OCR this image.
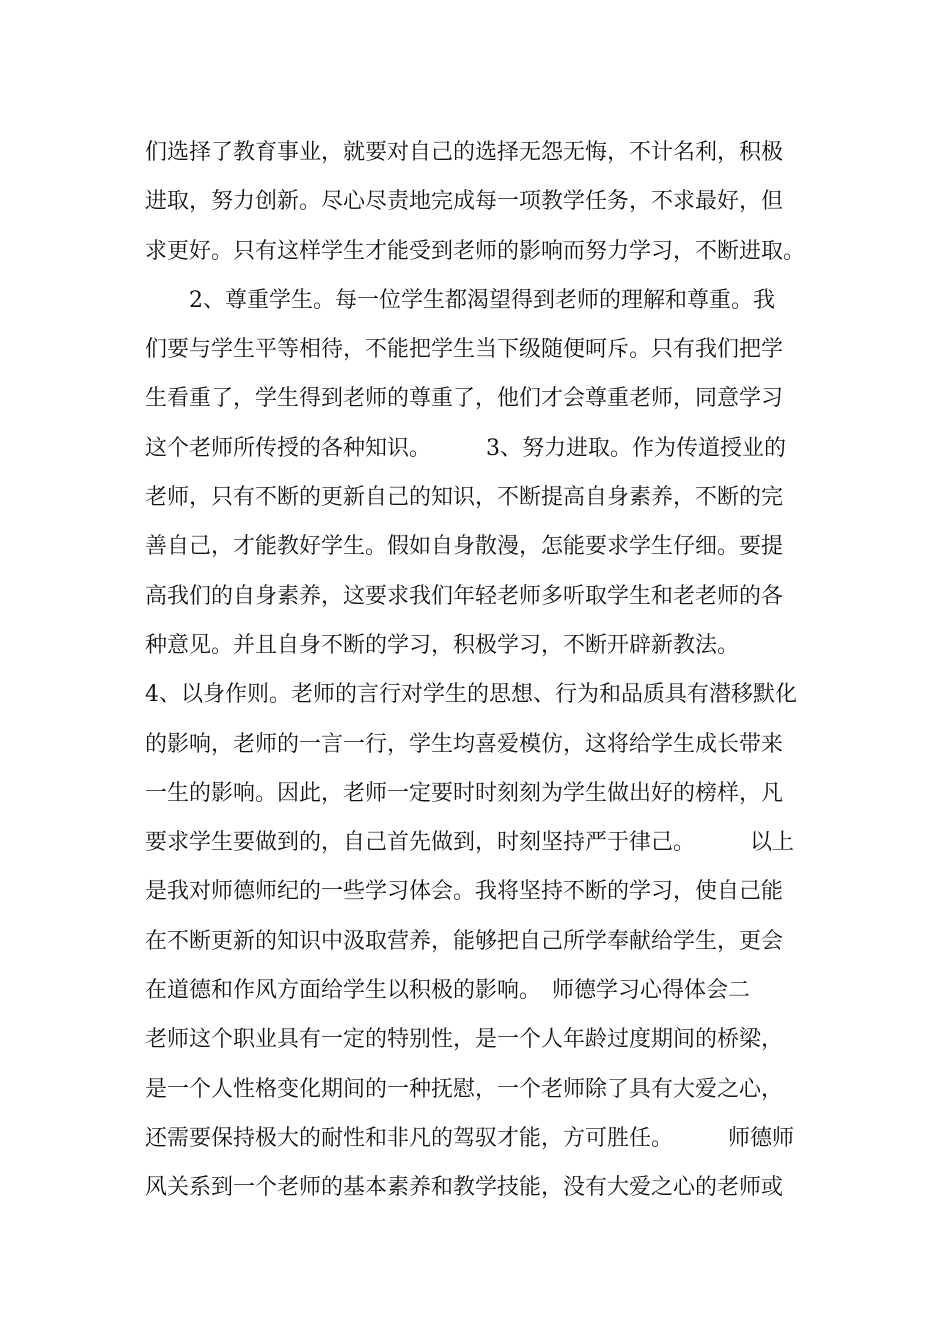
们选择了教育事业，就要对自己的选择无怨无悔，不计名利，积极
进取，努力创新。尽心尽责地完成每一项教学任务，不求最好，但
求更好。只有这样学生才能受到老师的影响而努力学习，不断进取。
　　2、尊重学生。每一位学生都渴望得到老师的理解和尊重。我
们要与学生平等相待，不能把学生当下级随便呵斥。只有我们把学
生看重了，学生得到老师的尊重了，他们才会尊重老师，同意学习
这个老师所传授的各种知识。　　　3、努力进取。作为传道授业的
老师，只有不断的更新自己的知识，不断提高自身素养，不断的完
善自己，才能教好学生。假如自身散漫，怎能要求学生仔细。要提
高我们的自身素养，这要求我们年轻老师多听取学生和老老师的各
种意见。并且自身不断的学习，积极学习，不断开辟新教法。
4、以身作则。老师的言行对学生的思想、行为和品质具有潜移默化
的影响，老师的一言一行，学生均喜爱模仿，这将给学生成长带来
一生的影响。因此，老师一定要时时刻刻为学生做出好的榜样，凡
要求学生要做到的，自己首先做到，时刻坚持严于律己。　　　以上
是我对师德师纪的一些学习体会。我将坚持不断的学习，使自己能
在不断更新的知识中汲取营养，能够把自己所学奉献给学生，更会
在道德和作风方面给学生以积极的影响。　师德学习心得体会二
老师这个职业具有一定的特别性，是一个人年龄过度期间的桥梁，
是一个人性格变化期间的一种抚慰，一个老师除了具有大爱之心，
还需要保持极大的耐性和非凡的驾驭才能，方可胜任。　　　师德师
风关系到一个老师的基本素养和教学技能，没有大爱之心的老师或
